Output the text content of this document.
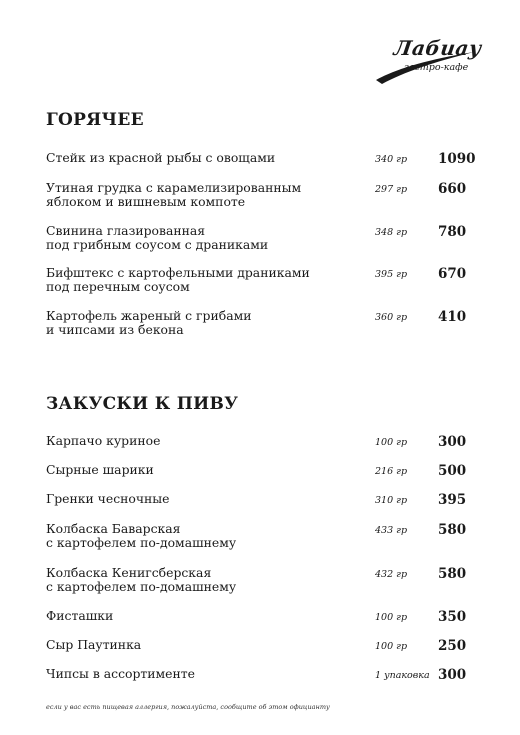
Лабиау
гастро-кафе
ГОРЯЧЕЕ
Стейк из красной рыбы с овощами	340 гр 1090
Утиная грудка с карамелизированным
яблоком и вишневым компоте
297 гр 660
Свинина глазированная
под грибным соусом с драниками
348 гр 780
Бифштекс с картофельными драниками
под перечным соусом
395 гр 670
Картофель жареный с грибами
и чипсами из бекона
360 гр 410
ЗАКУСКИ К ПИВУ
Карпачо куриное	100 гр 300
Сырные шарики	216 гр 500
Гренки чесночные	310 гр 395
Колбаска Баварская
с картофелем по-домашнему
433 гр 580
Колбаска Кенигсберская
с картофелем по-домашнему
432 гр 580
Фисташки	100 гр 350
Сыр Паутинка	100 гр 250
Чипсы в ассортименте	1 упаковка 300
если у вас есть пищевая аллергия, пожалуйста, сообщите об этом официанту
